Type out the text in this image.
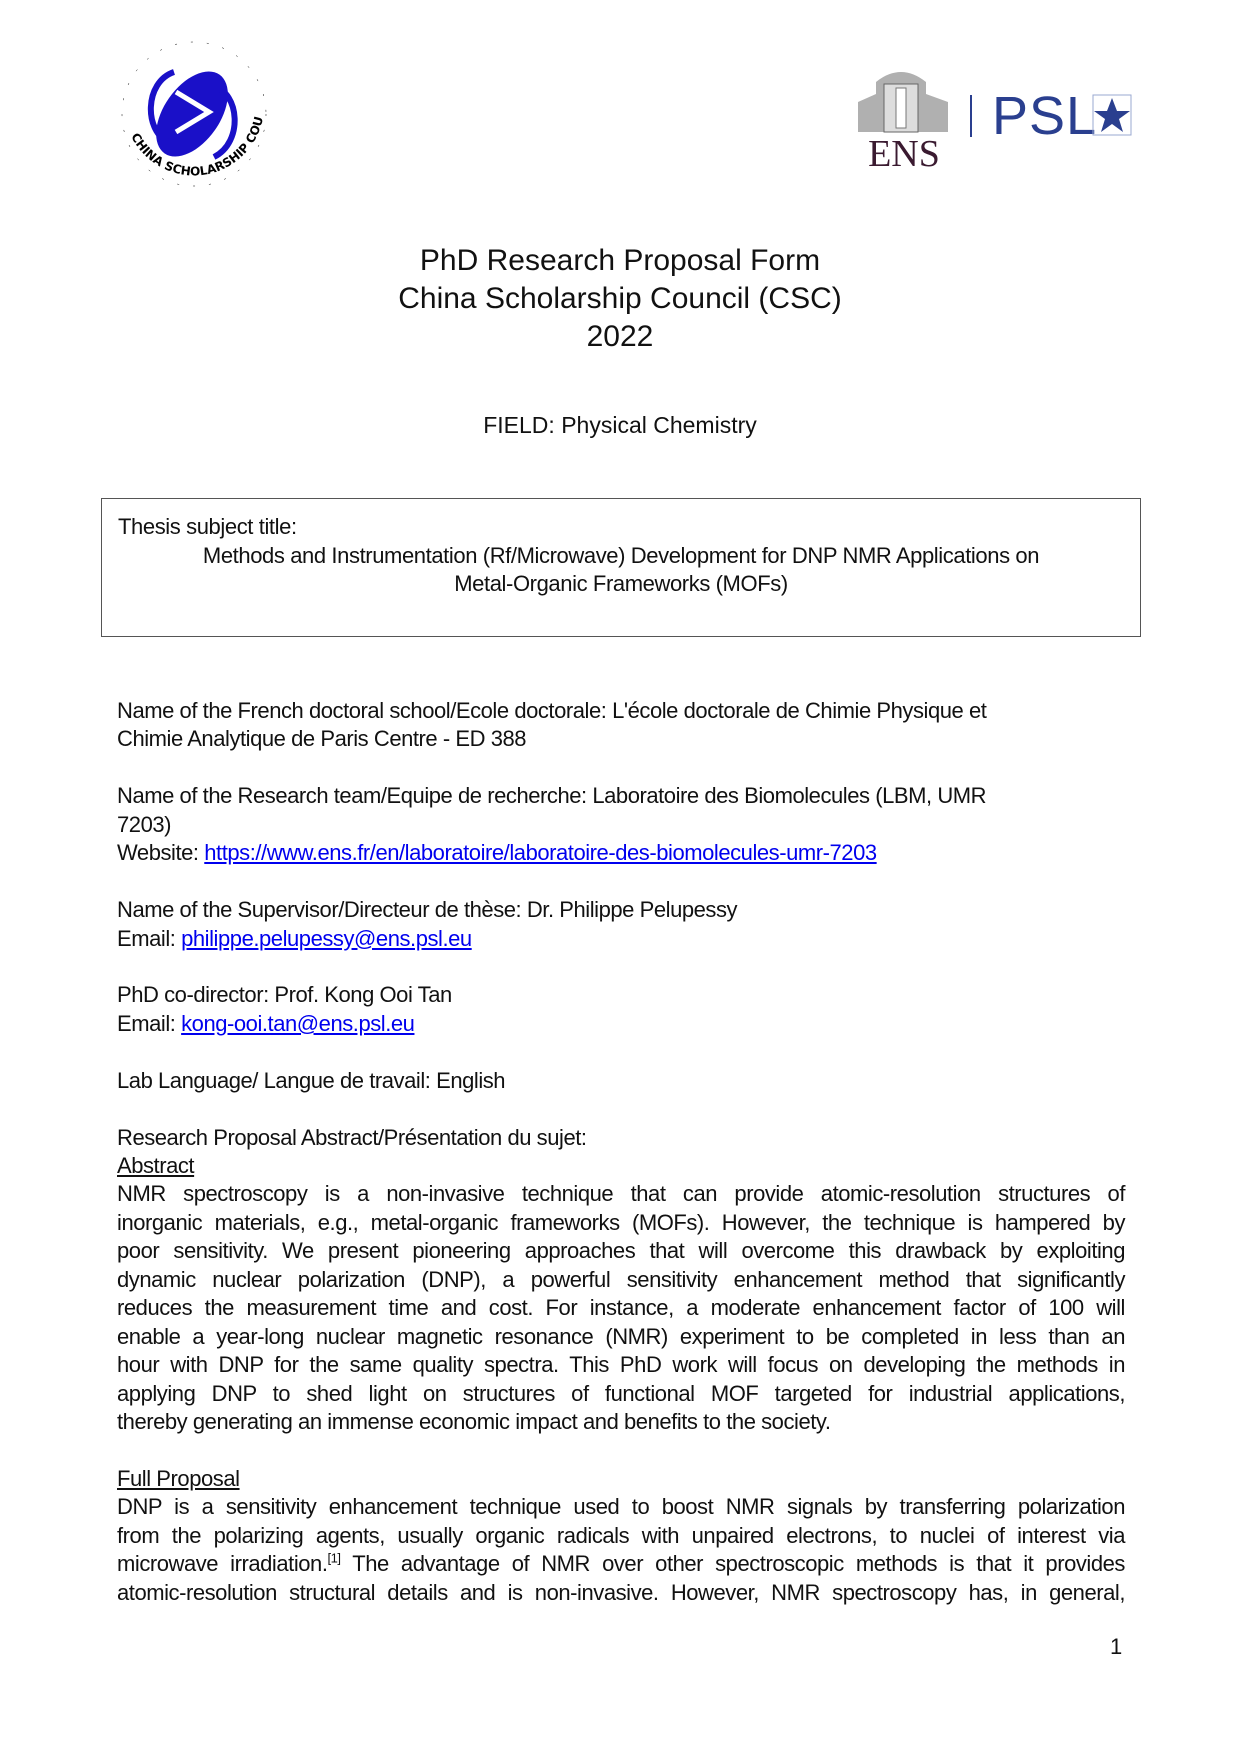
CHINA SCHOLARSHIP COU
ENS
PSL
PhD Research Proposal Form
China Scholarship Council (CSC)
2022
FIELD: Physical Chemistry
Thesis subject title:
Methods and Instrumentation (Rf/Microwave) Development for DNP NMR Applications on
Metal-Organic Frameworks (MOFs)
Name of the French doctoral school/Ecole doctorale: L'école doctorale de Chimie Physique et
Chimie Analytique de Paris Centre - ED 388
Name of the Research team/Equipe de recherche: Laboratoire des Biomolecules (LBM, UMR
7203)
Website: https://www.ens.fr/en/laboratoire/laboratoire-des-biomolecules-umr-7203
Name of the Supervisor/Directeur de thèse: Dr. Philippe Pelupessy
Email: philippe.pelupessy@ens.psl.eu
PhD co-director: Prof. Kong Ooi Tan
Email: kong-ooi.tan@ens.psl.eu
Lab Language/ Langue de travail: English
Research Proposal Abstract/Présentation du sujet:
Abstract
NMR spectroscopy is a non-invasive technique that can provide atomic-resolution structures of
inorganic materials, e.g., metal-organic frameworks (MOFs). However, the technique is hampered by
poor sensitivity. We present pioneering approaches that will overcome this drawback by exploiting
dynamic nuclear polarization (DNP), a powerful sensitivity enhancement method that significantly
reduces the measurement time and cost. For instance, a moderate enhancement factor of 100 will
enable a year-long nuclear magnetic resonance (NMR) experiment to be completed in less than an
hour with DNP for the same quality spectra. This PhD work will focus on developing the methods in
applying DNP to shed light on structures of functional MOF targeted for industrial applications,
thereby generating an immense economic impact and benefits to the society.
Full Proposal
DNP is a sensitivity enhancement technique used to boost NMR signals by transferring polarization
from the polarizing agents, usually organic radicals with unpaired electrons, to nuclei of interest via
microwave irradiation.[1] The advantage of NMR over other spectroscopic methods is that it provides
atomic-resolution structural details and is non-invasive. However, NMR spectroscopy has, in general,
1
